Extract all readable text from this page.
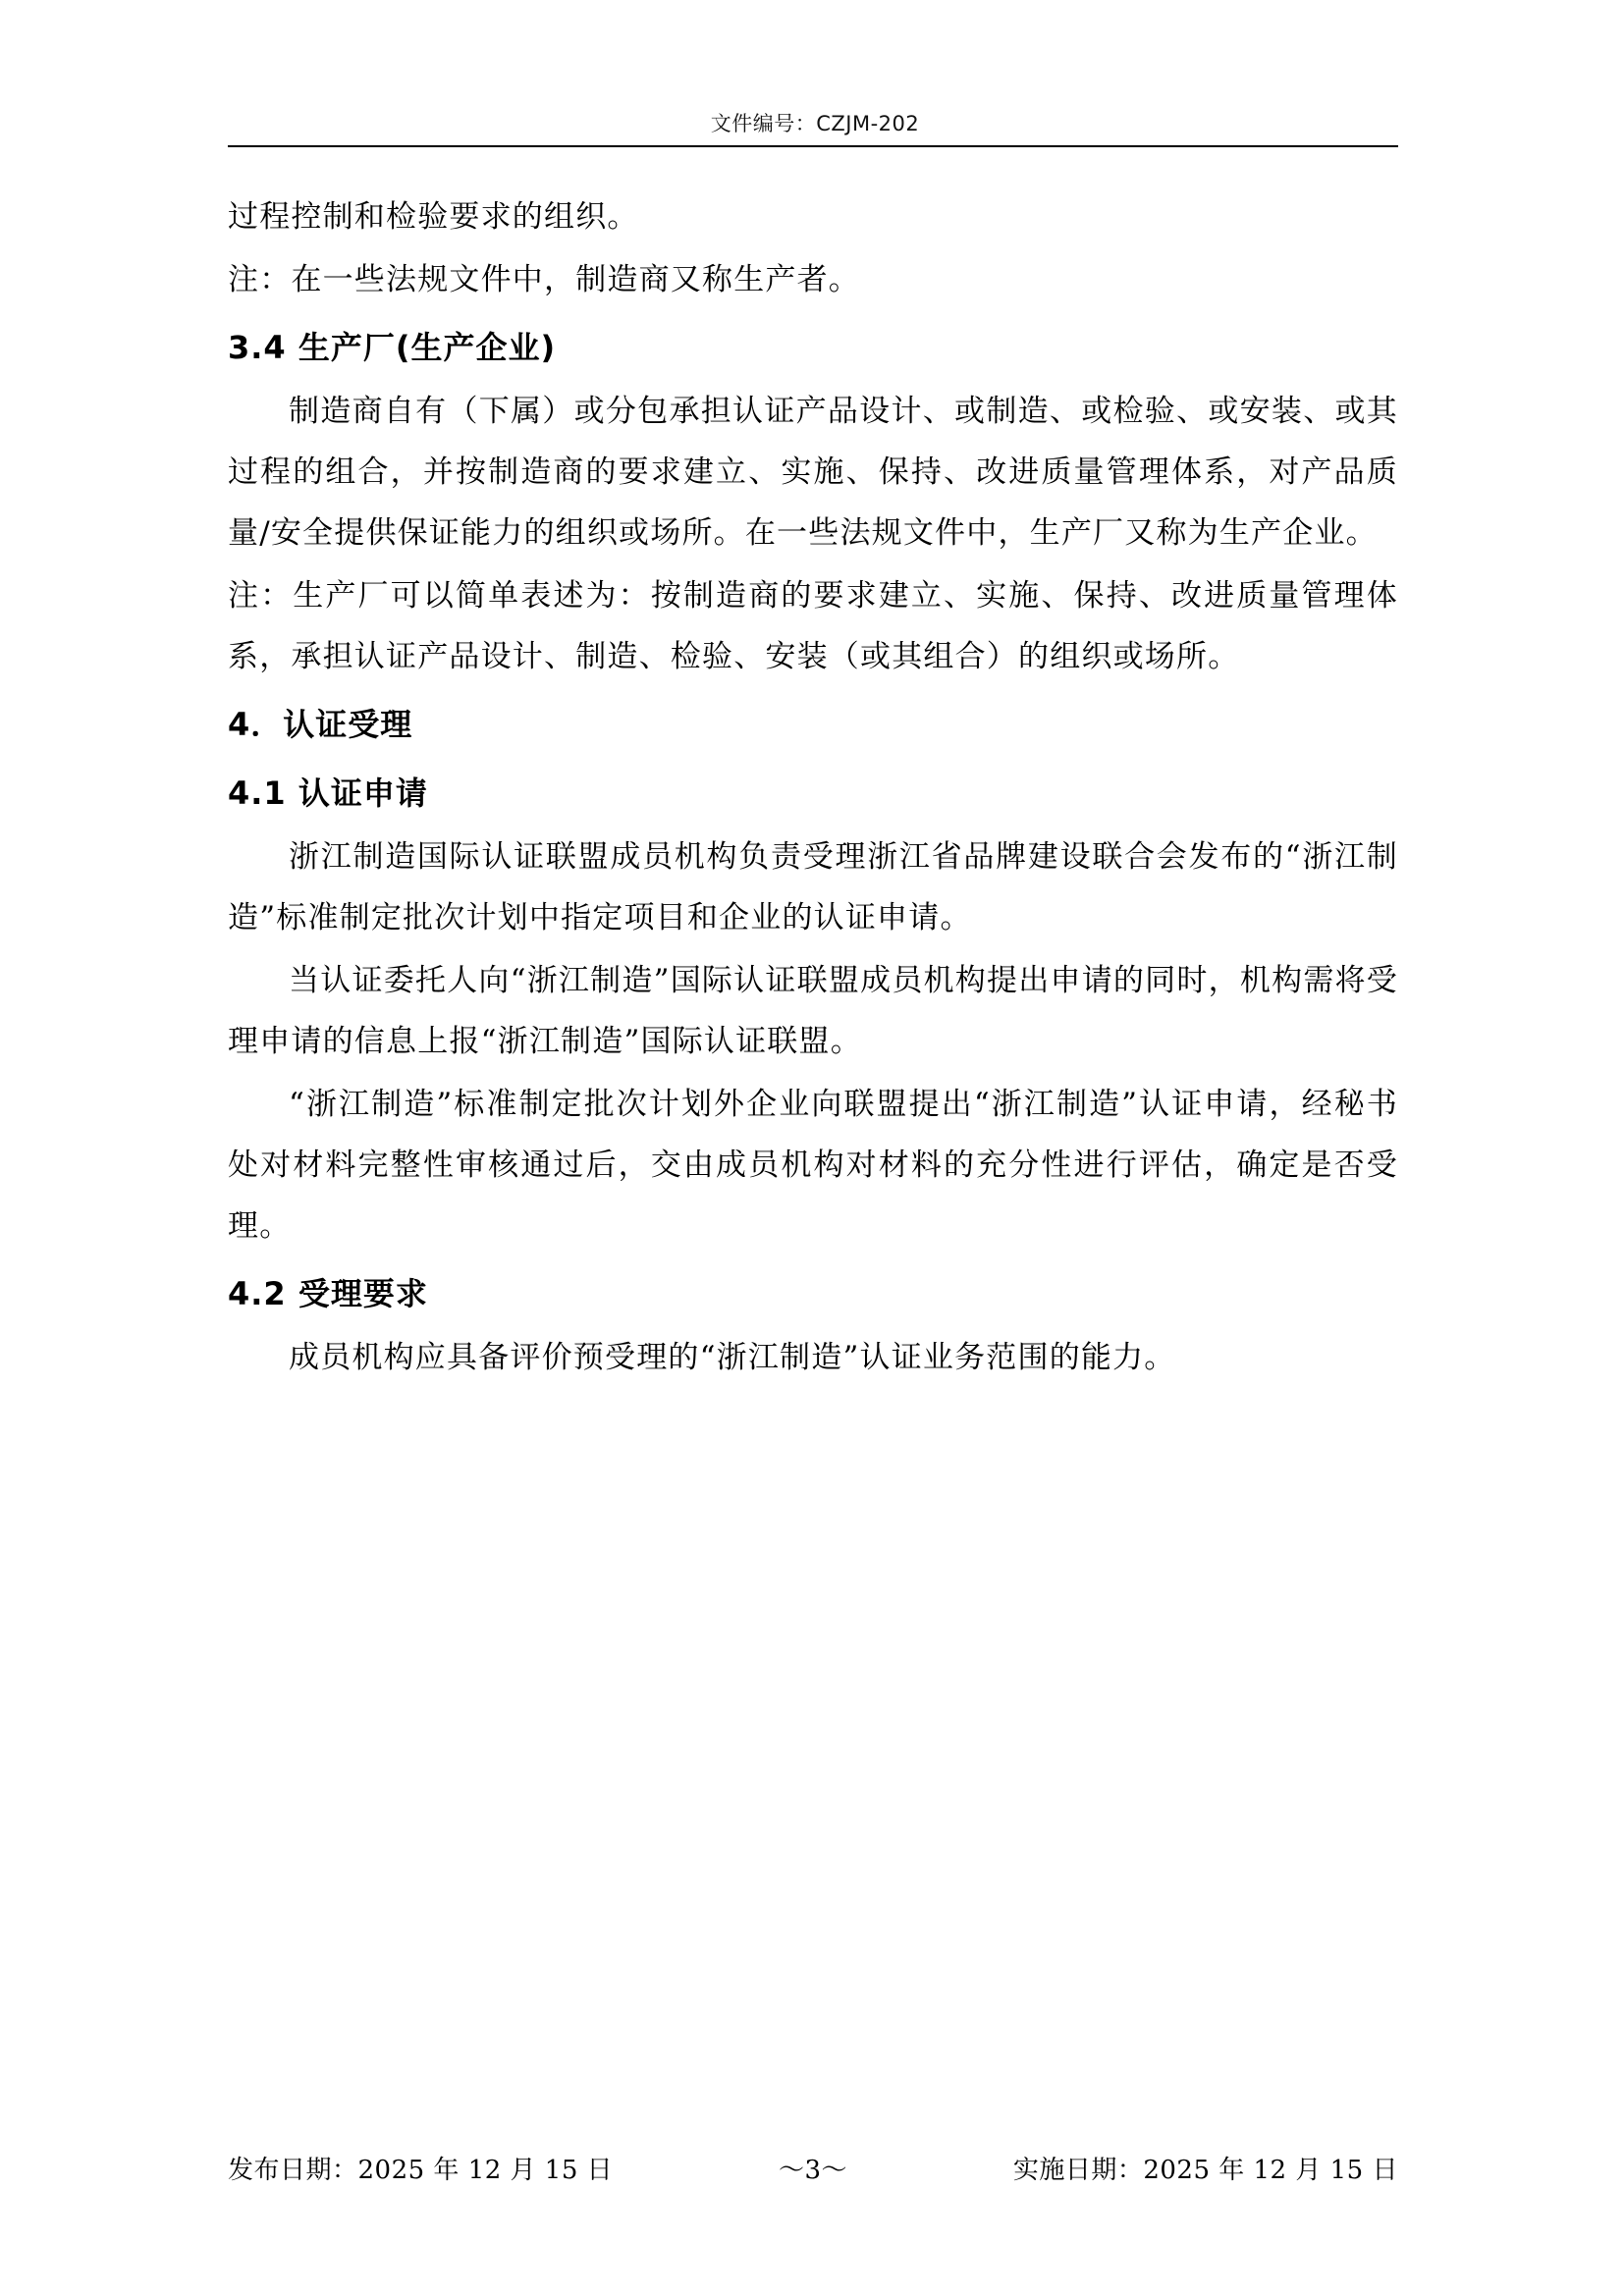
文件编号：CZJM-202

过程控制和检验要求的组织。

注：在一些法规文件中，制造商又称生产者。

3.4 生产厂(生产企业)

制造商自有（下属）或分包承担认证产品设计、或制造、或检验、或安装、或其过程的组合，并按制造商的要求建立、实施、保持、改进质量管理体系，对产品质量/安全提供保证能力的组织或场所。在一些法规文件中，生产厂又称为生产企业。

注：生产厂可以简单表述为：按制造商的要求建立、实施、保持、改进质量管理体系，承担认证产品设计、制造、检验、安装（或其组合）的组织或场所。

4．认证受理
4.1 认证申请

浙江制造国际认证联盟成员机构负责受理浙江省品牌建设联合会发布的“浙江制造”标准制定批次计划中指定项目和企业的认证申请。

当认证委托人向“浙江制造”国际认证联盟成员机构提出申请的同时，机构需将受理申请的信息上报“浙江制造”国际认证联盟。

“浙江制造”标准制定批次计划外企业向联盟提出“浙江制造”认证申请，经秘书处对材料完整性审核通过后，交由成员机构对材料的充分性进行评估，确定是否受理。

4.2 受理要求

成员机构应具备评价预受理的“浙江制造”认证业务范围的能力。

发布日期：2025 年 12 月 15 日	～3～	实施日期：2025 年 12 月 15 日
